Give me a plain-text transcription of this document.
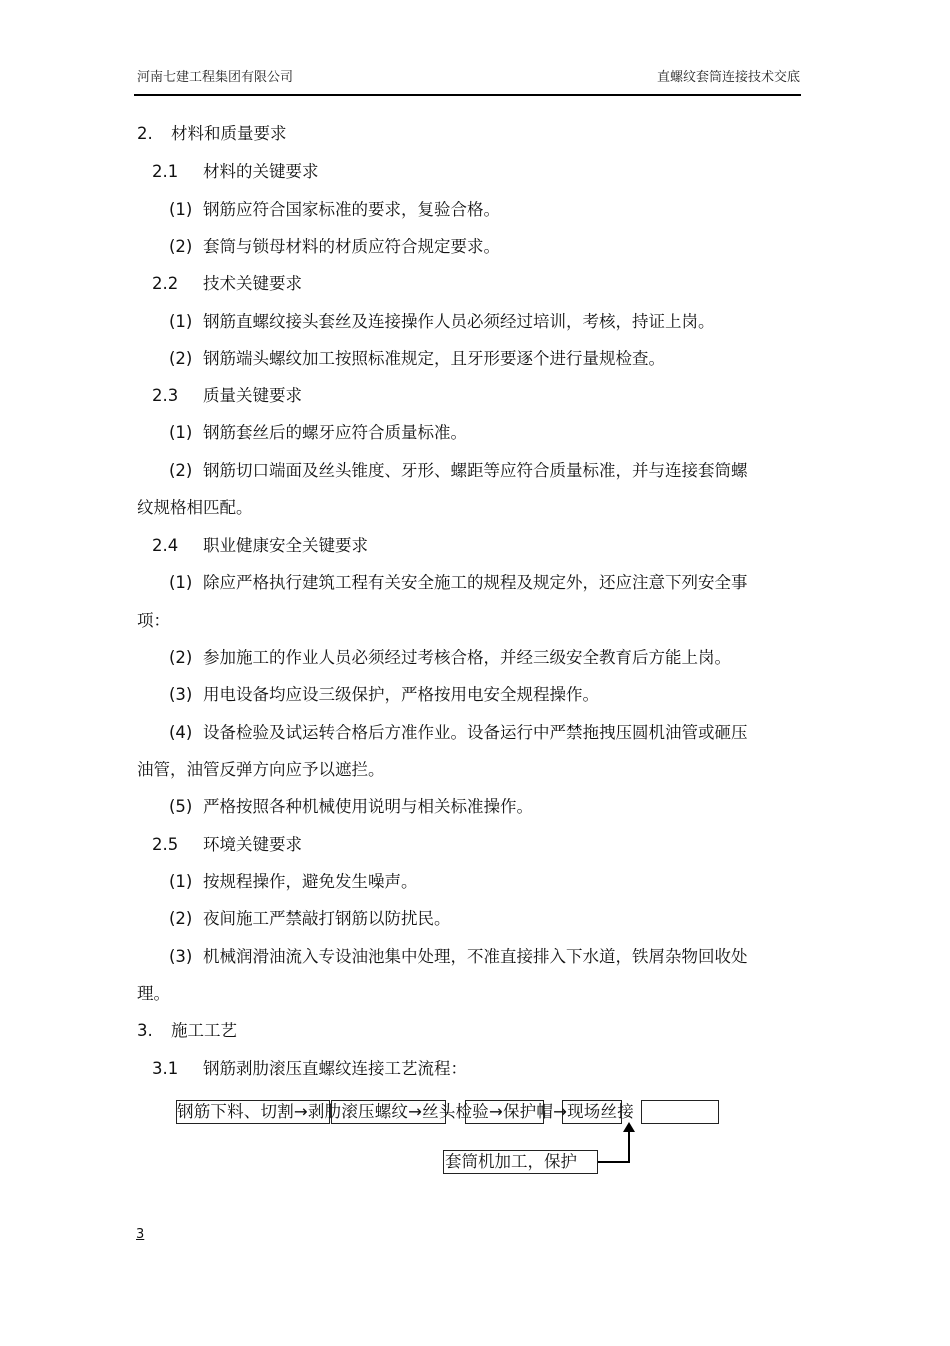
河南七建工程集团有限公司	直螺纹套筒连接技术交底
2. 材料和质量要求
2.1 材料的关键要求
(1) 钢筋应符合国家标准的要求，复验合格。
(2) 套筒与锁母材料的材质应符合规定要求。
2.2 技术关键要求
(1) 钢筋直螺纹接头套丝及连接操作人员必须经过培训，考核，持证上岗。
(2) 钢筋端头螺纹加工按照标准规定，且牙形要逐个进行量规检查。
2.3 质量关键要求
(1) 钢筋套丝后的螺牙应符合质量标准。
(2) 钢筋切口端面及丝头锥度、牙形、螺距等应符合质量标准，并与连接套筒螺
纹规格相匹配。
2.4 职业健康安全关键要求
(1) 除应严格执行建筑工程有关安全施工的规程及规定外，还应注意下列安全事
项：
(2) 参加施工的作业人员必须经过考核合格，并经三级安全教育后方能上岗。
(3) 用电设备均应设三级保护，严格按用电安全规程操作。
(4) 设备检验及试运转合格后方准作业。设备运行中严禁拖拽压圆机油管或砸压
油管，油管反弹方向应予以遮拦。
(5) 严格按照各种机械使用说明与相关标准操作。
2.5 环境关键要求
(1) 按规程操作，避免发生噪声。
(2) 夜间施工严禁敲打钢筋以防扰民。
(3) 机械润滑油流入专设油池集中处理，不准直接排入下水道，铁屑杂物回收处
理。
3. 施工工艺
3.1 钢筋剥肋滚压直螺纹连接工艺流程：
钢筋下料、切割→剥肋滚压螺纹→丝头检验→保护帽→现场丝接
套筒机加工，保护
3
